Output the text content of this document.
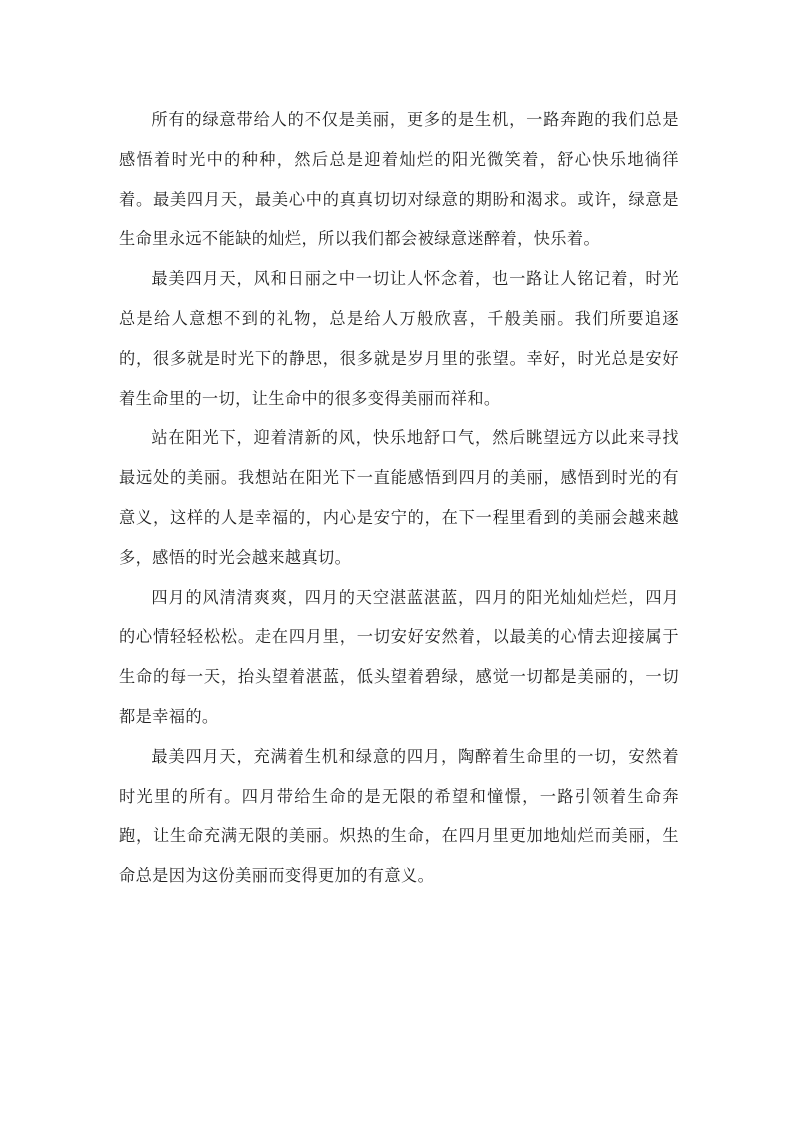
所有的绿意带给人的不仅是美丽，更多的是生机，一路奔跑的我们总是感悟着时光中的种种，然后总是迎着灿烂的阳光微笑着，舒心快乐地徜徉着。最美四月天，最美心中的真真切切对绿意的期盼和渴求。或许，绿意是生命里永远不能缺的灿烂，所以我们都会被绿意迷醉着，快乐着。

最美四月天，风和日丽之中一切让人怀念着，也一路让人铭记着，时光总是给人意想不到的礼物，总是给人万般欣喜，千般美丽。我们所要追逐的，很多就是时光下的静思，很多就是岁月里的张望。幸好，时光总是安好着生命里的一切，让生命中的很多变得美丽而祥和。

站在阳光下，迎着清新的风，快乐地舒口气，然后眺望远方以此来寻找最远处的美丽。我想站在阳光下一直能感悟到四月的美丽，感悟到时光的有意义，这样的人是幸福的，内心是安宁的，在下一程里看到的美丽会越来越多，感悟的时光会越来越真切。

四月的风清清爽爽，四月的天空湛蓝湛蓝，四月的阳光灿灿烂烂，四月的心情轻轻松松。走在四月里，一切安好安然着，以最美的心情去迎接属于生命的每一天，抬头望着湛蓝，低头望着碧绿，感觉一切都是美丽的，一切都是幸福的。

最美四月天，充满着生机和绿意的四月，陶醉着生命里的一切，安然着时光里的所有。四月带给生命的是无限的希望和憧憬，一路引领着生命奔跑，让生命充满无限的美丽。炽热的生命，在四月里更加地灿烂而美丽，生命总是因为这份美丽而变得更加的有意义。
